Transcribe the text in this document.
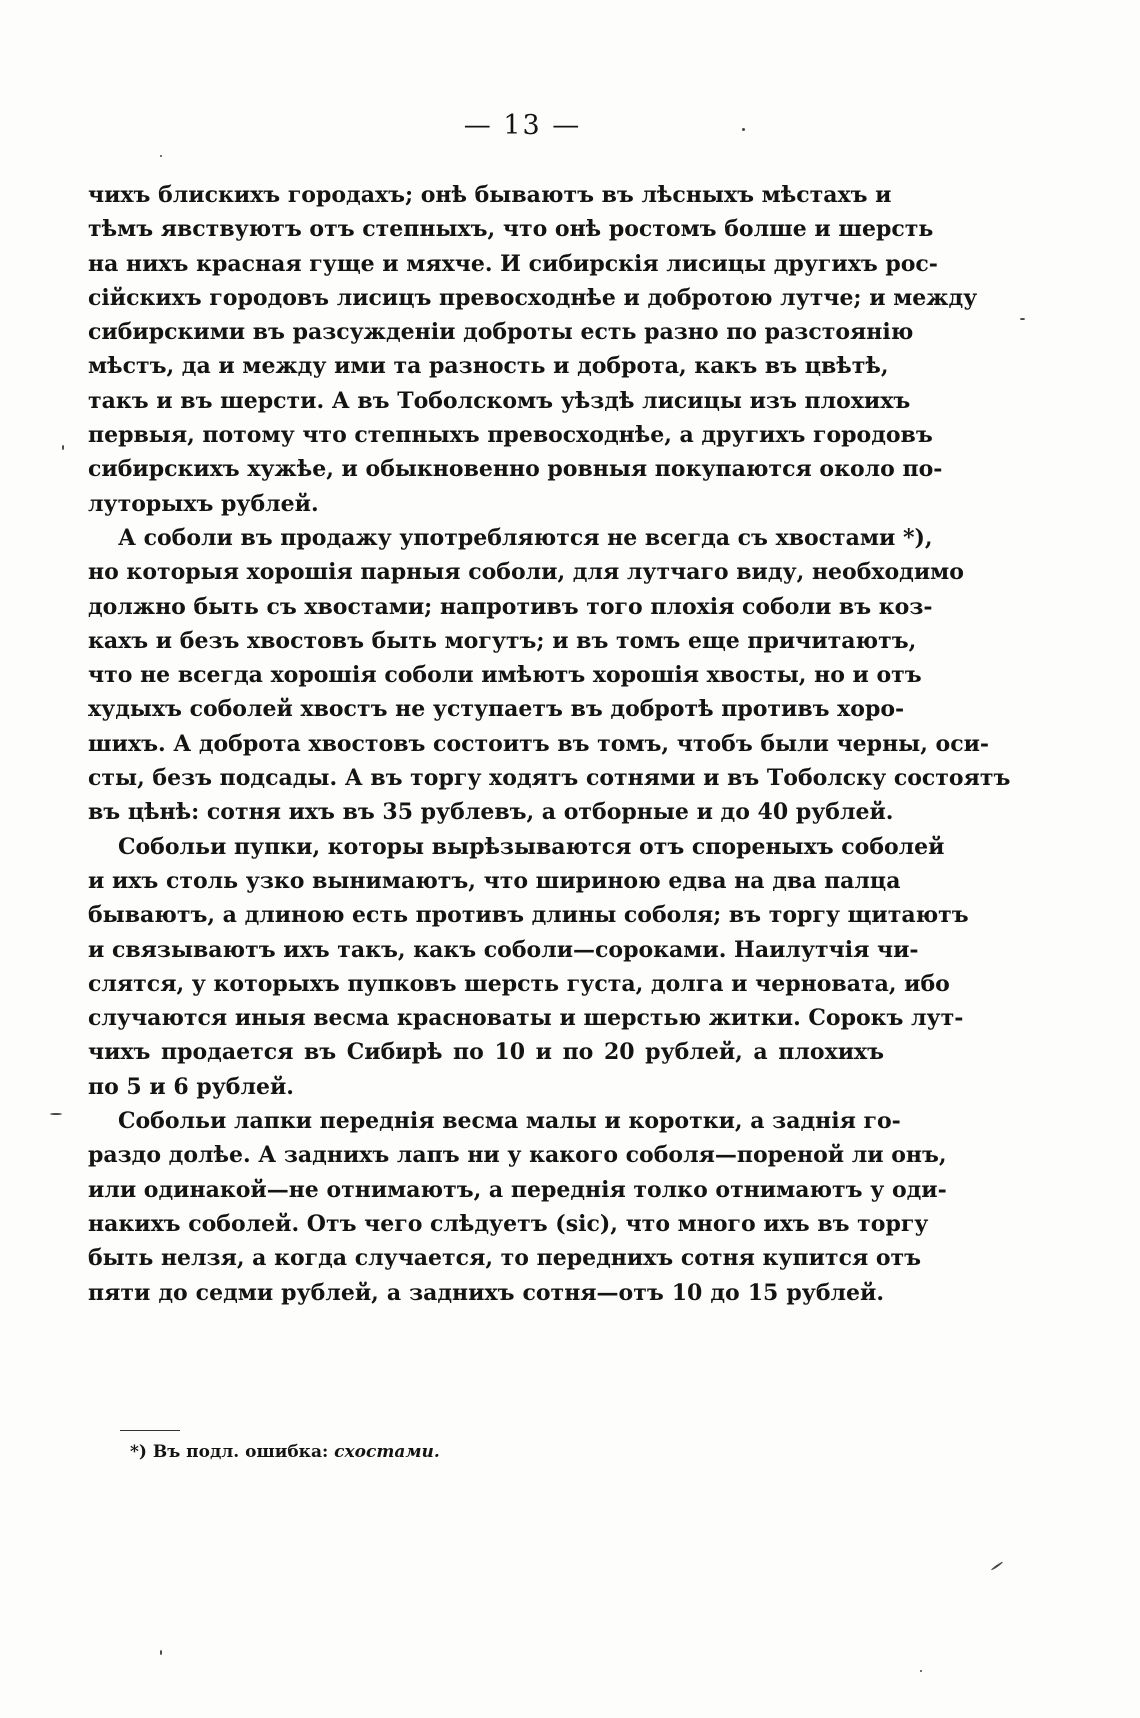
— 13 —
чихъ блискихъ городахъ; онѣ бываютъ въ лѣсныхъ мѣстахъ и
тѣмъ явствуютъ отъ степныхъ, что онѣ ростомъ болше и шерсть
на нихъ красная гуще и мяхче. И сибирскія лисицы другихъ рос-
сійскихъ городовъ лисицъ превосходнѣе и добротою лутче; и между
сибирскими въ разсужденіи доброты есть разно по разстоянію
мѣстъ, да и между ими та разность и доброта, какъ въ цвѣтѣ,
такъ и въ шерсти. А въ Тоболскомъ уѣздѣ лисицы изъ плохихъ
первыя, потому что степныхъ превосходнѣе, а другихъ городовъ
сибирскихъ хужѣе, и обыкновенно ровныя покупаются около по-
луторыхъ рублей.
А соболи въ продажу употребляются не всегда съ хвостами *),
но которыя хорошія парныя соболи, для лутчаго виду, необходимо
должно быть съ хвостами; напротивъ того плохія соболи въ коз-
кахъ и безъ хвостовъ быть могутъ; и въ томъ еще причитаютъ,
что не всегда хорошія соболи имѣютъ хорошія хвосты, но и отъ
худыхъ соболей хвостъ не уступаетъ въ добротѣ противъ хоро-
шихъ. А доброта хвостовъ состоитъ въ томъ, чтобъ были черны, оси-
сты, безъ подсады. А въ торгу ходятъ сотнями и въ Тоболску состоятъ
въ цѣнѣ: сотня ихъ въ 35 рублевъ, а отборные и до 40 рублей.
Собольи пупки, которы вырѣзываются отъ спореныхъ соболей
и ихъ столь узко вынимаютъ, что шириною едва на два палца
бываютъ, а длиною есть противъ длины соболя; въ торгу щитаютъ
и связываютъ ихъ такъ, какъ соболи—сороками. Наилутчія чи-
слятся, у которыхъ пупковъ шерсть густа, долга и черновата, ибо
случаются иныя весма красноваты и шерстью житки. Сорокъ лут-
чихъ продается въ Сибирѣ по 10 и по 20 рублей, а плохихъ
по 5 и 6 рублей.
Собольи лапки переднія весма малы и коротки, а заднія го-
раздо долѣе. А заднихъ лапъ ни у какого соболя—пореной ли онъ,
или одинакой—не отнимаютъ, а переднія толко отнимаютъ у оди-
накихъ соболей. Отъ чего слѣдуетъ (sic), что много ихъ въ торгу
быть нелзя, а когда случается, то переднихъ сотня купится отъ
пяти до седми рублей, а заднихъ сотня—отъ 10 до 15 рублей.
*) Въ подл. ошибка: схостами.
